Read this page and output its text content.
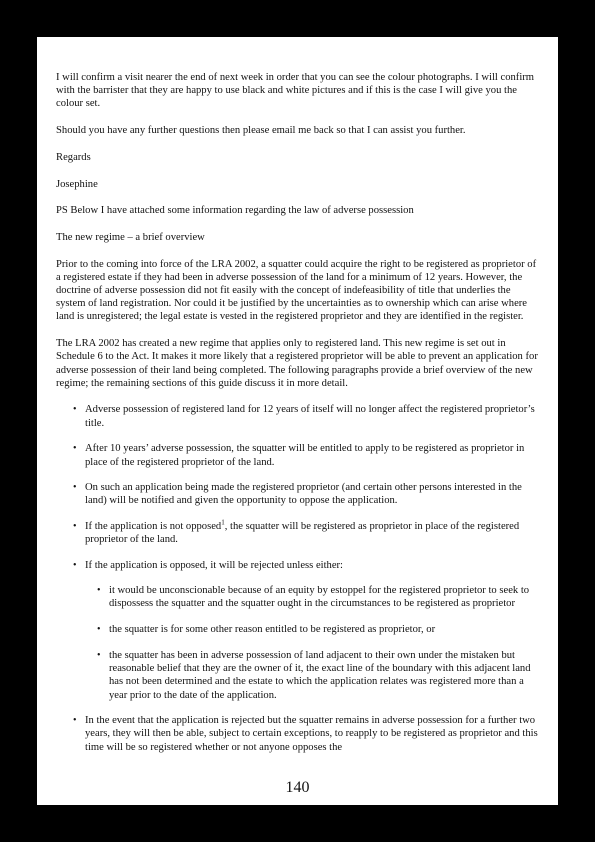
I will confirm a visit nearer the end of next week in order that you can see the colour photographs. I will confirm with the barrister that they are happy to use black and white pictures and if this is the case I will give you the colour set.

Should you have any further questions then please email me back so that I can assist you further.

Regards

Josephine

PS Below I have attached some information regarding the law of adverse possession

The new regime – a brief overview

Prior to the coming into force of the LRA 2002, a squatter could acquire the right to be registered as proprietor of a registered estate if they had been in adverse possession of the land for a minimum of 12 years. However, the doctrine of adverse possession did not fit easily with the concept of indefeasibility of title that underlies the system of land registration. Nor could it be justified by the uncertainties as to ownership which can arise where land is unregistered; the legal estate is vested in the registered proprietor and they are identified in the register.

The LRA 2002 has created a new regime that applies only to registered land. This new regime is set out in Schedule 6 to the Act. It makes it more likely that a registered proprietor will be able to prevent an application for adverse possession of their land being completed. The following paragraphs provide a brief overview of the new regime; the remaining sections of this guide discuss it in more detail.

• Adverse possession of registered land for 12 years of itself will no longer affect the registered proprietor’s title.
• After 10 years’ adverse possession, the squatter will be entitled to apply to be registered as proprietor in place of the registered proprietor of the land.
• On such an application being made the registered proprietor (and certain other persons interested in the land) will be notified and given the opportunity to oppose the application.
• If the application is not opposed$^1$, the squatter will be registered as proprietor in place of the registered proprietor of the land.
• If the application is opposed, it will be rejected unless either:
• it would be unconscionable because of an equity by estoppel for the registered proprietor to seek to dispossess the squatter and the squatter ought in the circumstances to be registered as proprietor
• the squatter is for some other reason entitled to be registered as proprietor, or
• the squatter has been in adverse possession of land adjacent to their own under the mistaken but reasonable belief that they are the owner of it, the exact line of the boundary with this adjacent land has not been determined and the estate to which the application relates was registered more than a year prior to the date of the application.
• In the event that the application is rejected but the squatter remains in adverse possession for a further two years, they will then be able, subject to certain exceptions, to reapply to be registered as proprietor and this time will be so registered whether or not anyone opposes the
140
